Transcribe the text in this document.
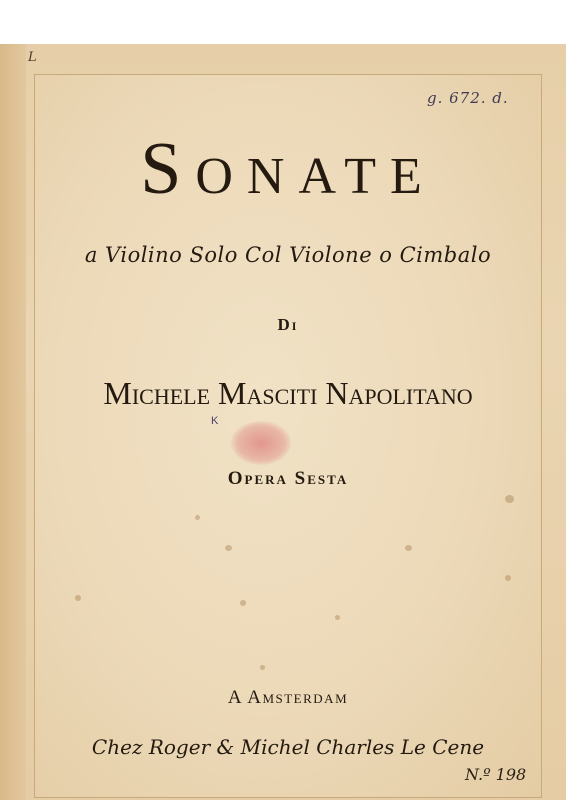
L
g. 672. d.
SONATE
a Violino Solo Col Violone o Cimbalo
Di
Michele Masciti Napolitano
K
Opera Sesta
A Amsterdam
Chez Roger & Michel Charles Le Cene
N.º 198
